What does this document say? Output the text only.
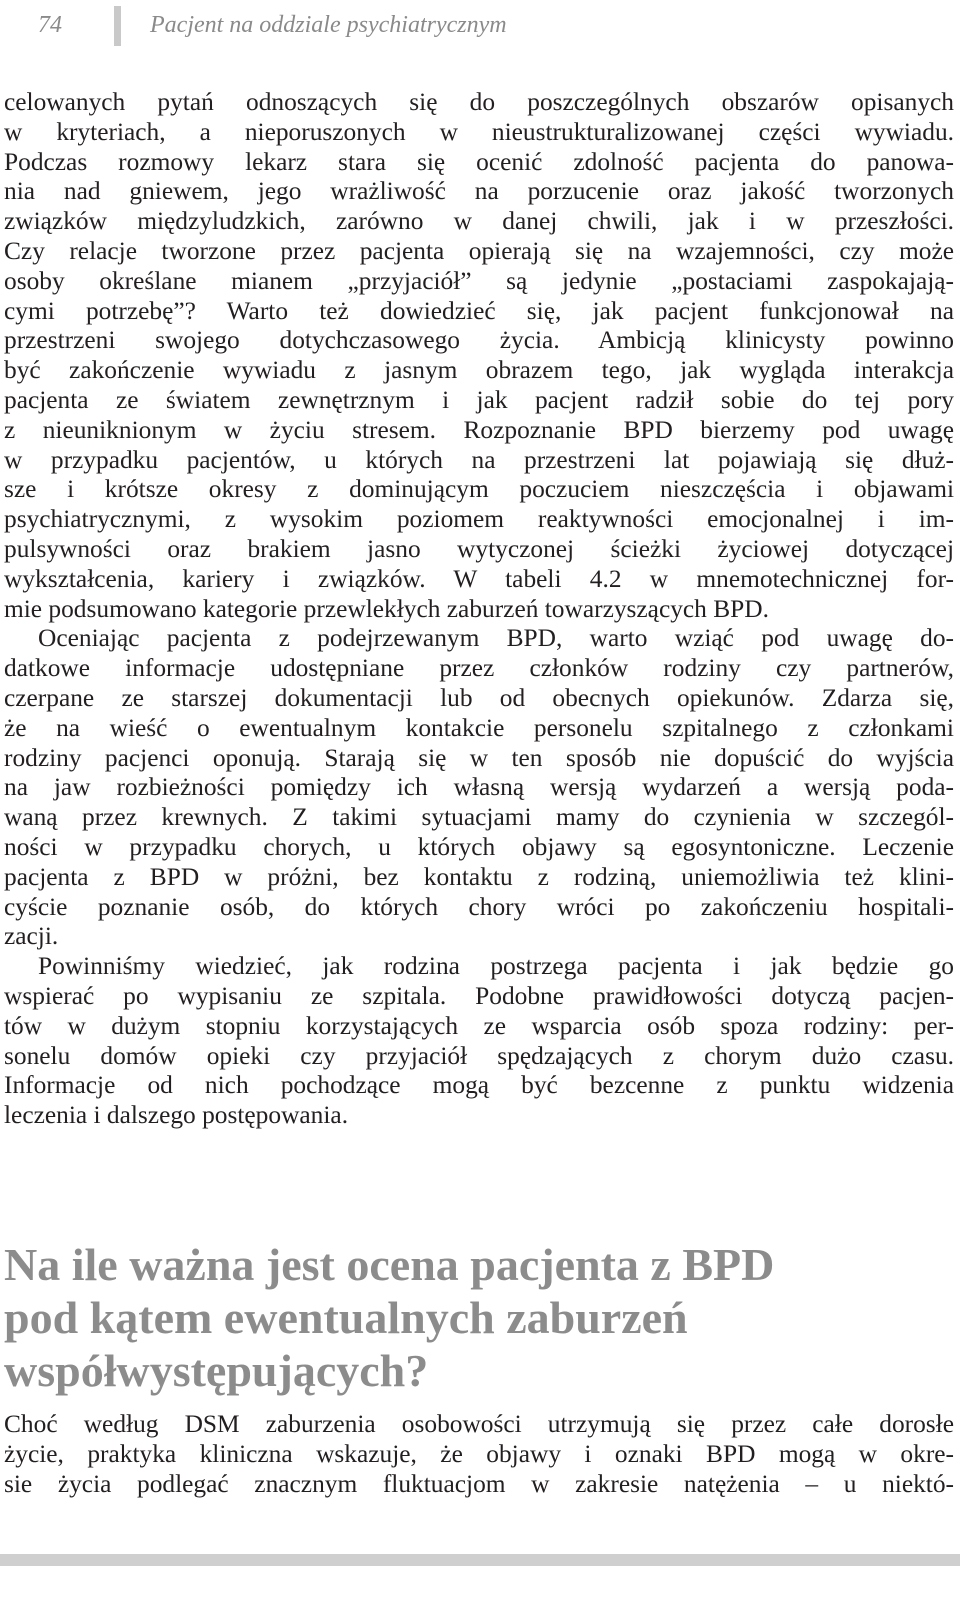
74	Pacjent na oddziale psychiatrycznym
celowanych pytań odnoszących się do poszczególnych obszarów opisanych
w kryteriach, a nieporuszonych w nieustrukturalizowanej części wywiadu.
Podczas rozmowy lekarz stara się ocenić zdolność pacjenta do panowa-
nia nad gniewem, jego wrażliwość na porzucenie oraz jakość tworzonych
związków międzyludzkich, zarówno w danej chwili, jak i w przeszłości.
Czy relacje tworzone przez pacjenta opierają się na wzajemności, czy może
osoby określane mianem „przyjaciół” są jedynie „postaciami zaspokajają-
cymi potrzebę”? Warto też dowiedzieć się, jak pacjent funkcjonował na
przestrzeni swojego dotychczasowego życia. Ambicją klinicysty powinno
być zakończenie wywiadu z jasnym obrazem tego, jak wygląda interakcja
pacjenta ze światem zewnętrznym i jak pacjent radził sobie do tej pory
z nieuniknionym w życiu stresem. Rozpoznanie BPD bierzemy pod uwagę
w przypadku pacjentów, u których na przestrzeni lat pojawiają się dłuż-
sze i krótsze okresy z dominującym poczuciem nieszczęścia i objawami
psychiatrycznymi, z wysokim poziomem reaktywności emocjonalnej i im-
pulsywności oraz brakiem jasno wytyczonej ścieżki życiowej dotyczącej
wykształcenia, kariery i związków. W tabeli 4.2 w mnemotechnicznej for-
mie podsumowano kategorie przewlekłych zaburzeń towarzyszących BPD.
Oceniając pacjenta z podejrzewanym BPD, warto wziąć pod uwagę do-
datkowe informacje udostępniane przez członków rodziny czy partnerów,
czerpane ze starszej dokumentacji lub od obecnych opiekunów. Zdarza się,
że na wieść o ewentualnym kontakcie personelu szpitalnego z członkami
rodziny pacjenci oponują. Starają się w ten sposób nie dopuścić do wyjścia
na jaw rozbieżności pomiędzy ich własną wersją wydarzeń a wersją poda-
waną przez krewnych. Z takimi sytuacjami mamy do czynienia w szczegól-
ności w przypadku chorych, u których objawy są egosyntoniczne. Leczenie
pacjenta z BPD w próżni, bez kontaktu z rodziną, uniemożliwia też klini-
cyście poznanie osób, do których chory wróci po zakończeniu hospitali-
zacji.
Powinniśmy wiedzieć, jak rodzina postrzega pacjenta i jak będzie go
wspierać po wypisaniu ze szpitala. Podobne prawidłowości dotyczą pacjen-
tów w dużym stopniu korzystających ze wsparcia osób spoza rodziny: per-
sonelu domów opieki czy przyjaciół spędzających z chorym dużo czasu.
Informacje od nich pochodzące mogą być bezcenne z punktu widzenia
leczenia i dalszego postępowania.
Na ile ważna jest ocena pacjenta z BPD
pod kątem ewentualnych zaburzeń
współwystępujących?
Choć według DSM zaburzenia osobowości utrzymują się przez całe dorosłe
życie, praktyka kliniczna wskazuje, że objawy i oznaki BPD mogą w okre-
sie życia podlegać znacznym fluktuacjom w zakresie natężenia – u niektó-
